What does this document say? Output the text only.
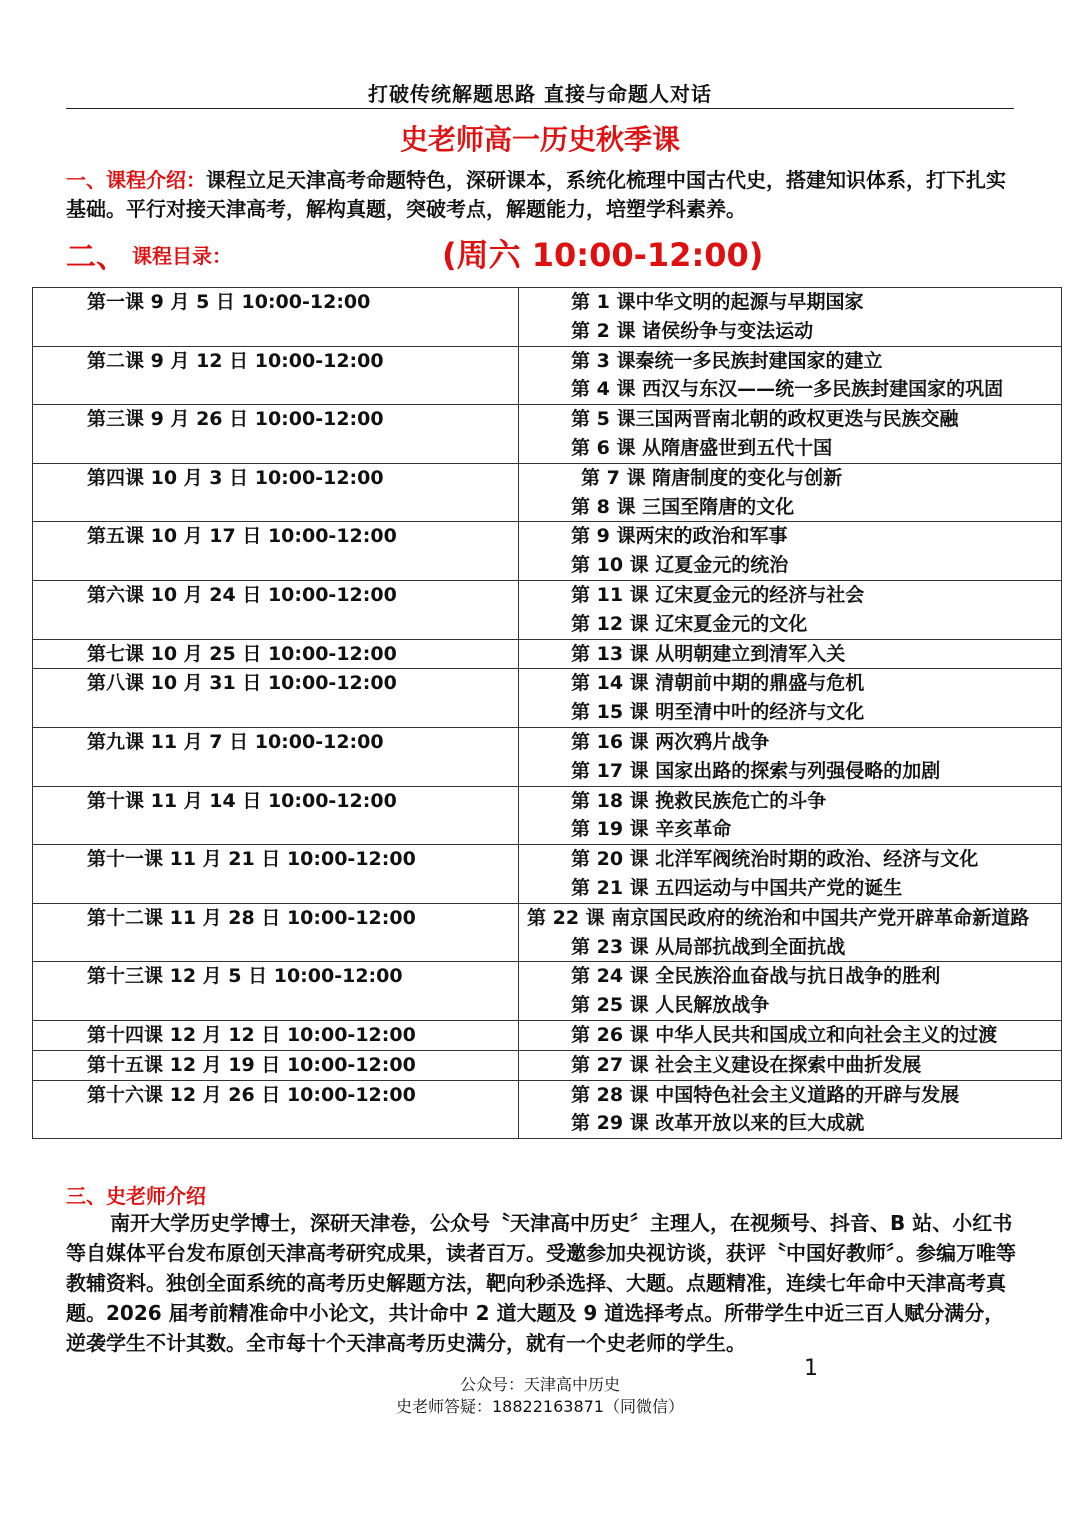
打破传统解题思路 直接与命题人对话
史老师高一历史秋季课
一、课程介绍：课程立足天津高考命题特色，深研课本，系统化梳理中国古代史，搭建知识体系，打下扎实基础。平行对接天津高考，解构真题，突破考点，解题能力，培塑学科素养。
二、 课程目录：	(周六 10:00-12:00)
第一课 9 月 5 日 10:00-12:00	第 1 课中华文明的起源与早期国家
第 2 课 诸侯纷争与变法运动

第二课 9 月 12 日 10:00-12:00	第 3 课秦统一多民族封建国家的建立
第 4 课 西汉与东汉——统一多民族封建国家的巩固

第三课 9 月 26 日 10:00-12:00	第 5 课三国两晋南北朝的政权更迭与民族交融
第 6 课 从隋唐盛世到五代十国

第四课 10 月 3 日 10:00-12:00	第 7 课 隋唐制度的变化与创新
第 8 课 三国至隋唐的文化

第五课 10 月 17 日 10:00-12:00	第 9 课两宋的政治和军事
第 10 课 辽夏金元的统治

第六课 10 月 24 日 10:00-12:00	第 11 课 辽宋夏金元的经济与社会
第 12 课 辽宋夏金元的文化

第七课 10 月 25 日 10:00-12:00	第 13 课 从明朝建立到清军入关

第八课 10 月 31 日 10:00-12:00	第 14 课 清朝前中期的鼎盛与危机
第 15 课 明至清中叶的经济与文化

第九课 11 月 7 日 10:00-12:00	第 16 课 两次鸦片战争
第 17 课 国家出路的探索与列强侵略的加剧

第十课 11 月 14 日 10:00-12:00	第 18 课 挽救民族危亡的斗争
第 19 课 辛亥革命

第十一课 11 月 21 日 10:00-12:00	第 20 课 北洋军阀统治时期的政治、经济与文化
第 21 课 五四运动与中国共产党的诞生

第十二课 11 月 28 日 10:00-12:00	第 22 课 南京国民政府的统治和中国共产党开辟革命新道路
第 23 课 从局部抗战到全面抗战

第十三课 12 月 5 日 10:00-12:00	第 24 课 全民族浴血奋战与抗日战争的胜利
第 25 课 人民解放战争

第十四课 12 月 12 日 10:00-12:00	第 26 课 中华人民共和国成立和向社会主义的过渡

第十五课 12 月 19 日 10:00-12:00	第 27 课 社会主义建设在探索中曲折发展

第十六课 12 月 26 日 10:00-12:00	第 28 课 中国特色社会主义道路的开辟与发展
第 29 课 改革开放以来的巨大成就
三、史老师介绍
南开大学历史学博士，深研天津卷，公众号〝天津高中历史〞主理人，在视频号、抖音、B 站、小红书等自媒体平台发布原创天津高考研究成果，读者百万。受邀参加央视访谈，获评〝中国好教师〞。参编万唯等教辅资料。独创全面系统的高考历史解题方法，靶向秒杀选择、大题。点题精准，连续七年命中天津高考真题。2026 届考前精准命中小论文，共计命中 2 道大题及 9 道选择考点。所带学生中近三百人赋分满分，逆袭学生不计其数。全市每十个天津高考历史满分，就有一个史老师的学生。
1
公众号：天津高中历史
史老师答疑：18822163871（同微信）
